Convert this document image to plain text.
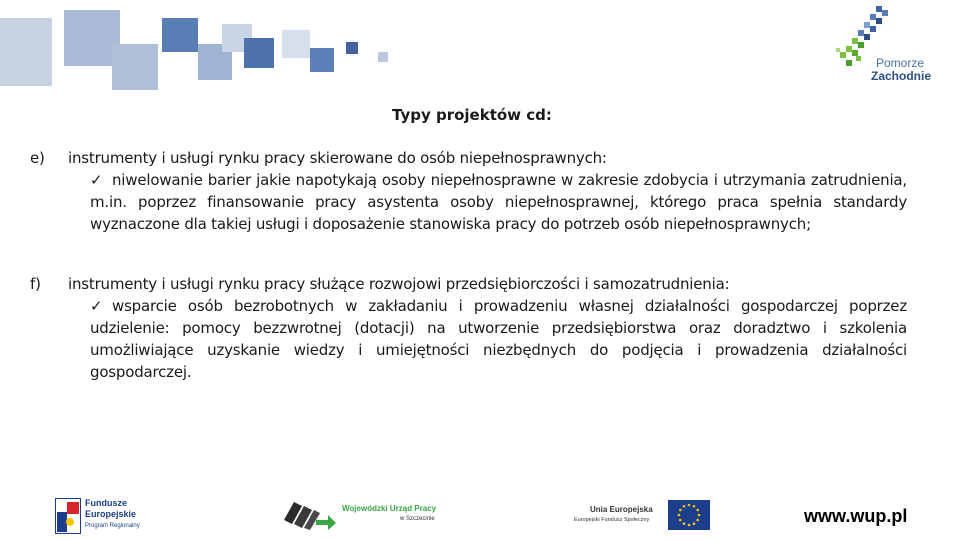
Pomorze
Zachodnie
Typy projektów cd:
e) instrumenty i usługi rynku pracy skierowane do osób niepełnosprawnych:
✓ niwelowanie barier jakie napotykają osoby niepełnosprawne w zakresie zdobycia i utrzymania zatrudnienia, m.in. poprzez finansowanie pracy asystenta osoby niepełnosprawnej, którego praca spełnia standardy wyznaczone dla takiej usługi i doposażenie stanowiska pracy do potrzeb osób niepełnosprawnych;
f) instrumenty i usługi rynku pracy służące rozwojowi przedsiębiorczości i samozatrudnienia:
✓ wsparcie osób bezrobotnych w zakładaniu i prowadzeniu własnej działalności gospodarczej poprzez udzielenie: pomocy bezzwrotnej (dotacji) na utworzenie przedsiębiorstwa oraz doradztwo i szkolenia umożliwiające uzyskanie wiedzy i umiejętności niezbędnych do podjęcia i prowadzenia działalności gospodarczej.
Fundusze
Europejskie
Program Regionalny
Wojewódzki Urząd Pracy
w Szczecinie
Unia Europejska
Europejski Fundusz Społeczny	www.wup.pl
